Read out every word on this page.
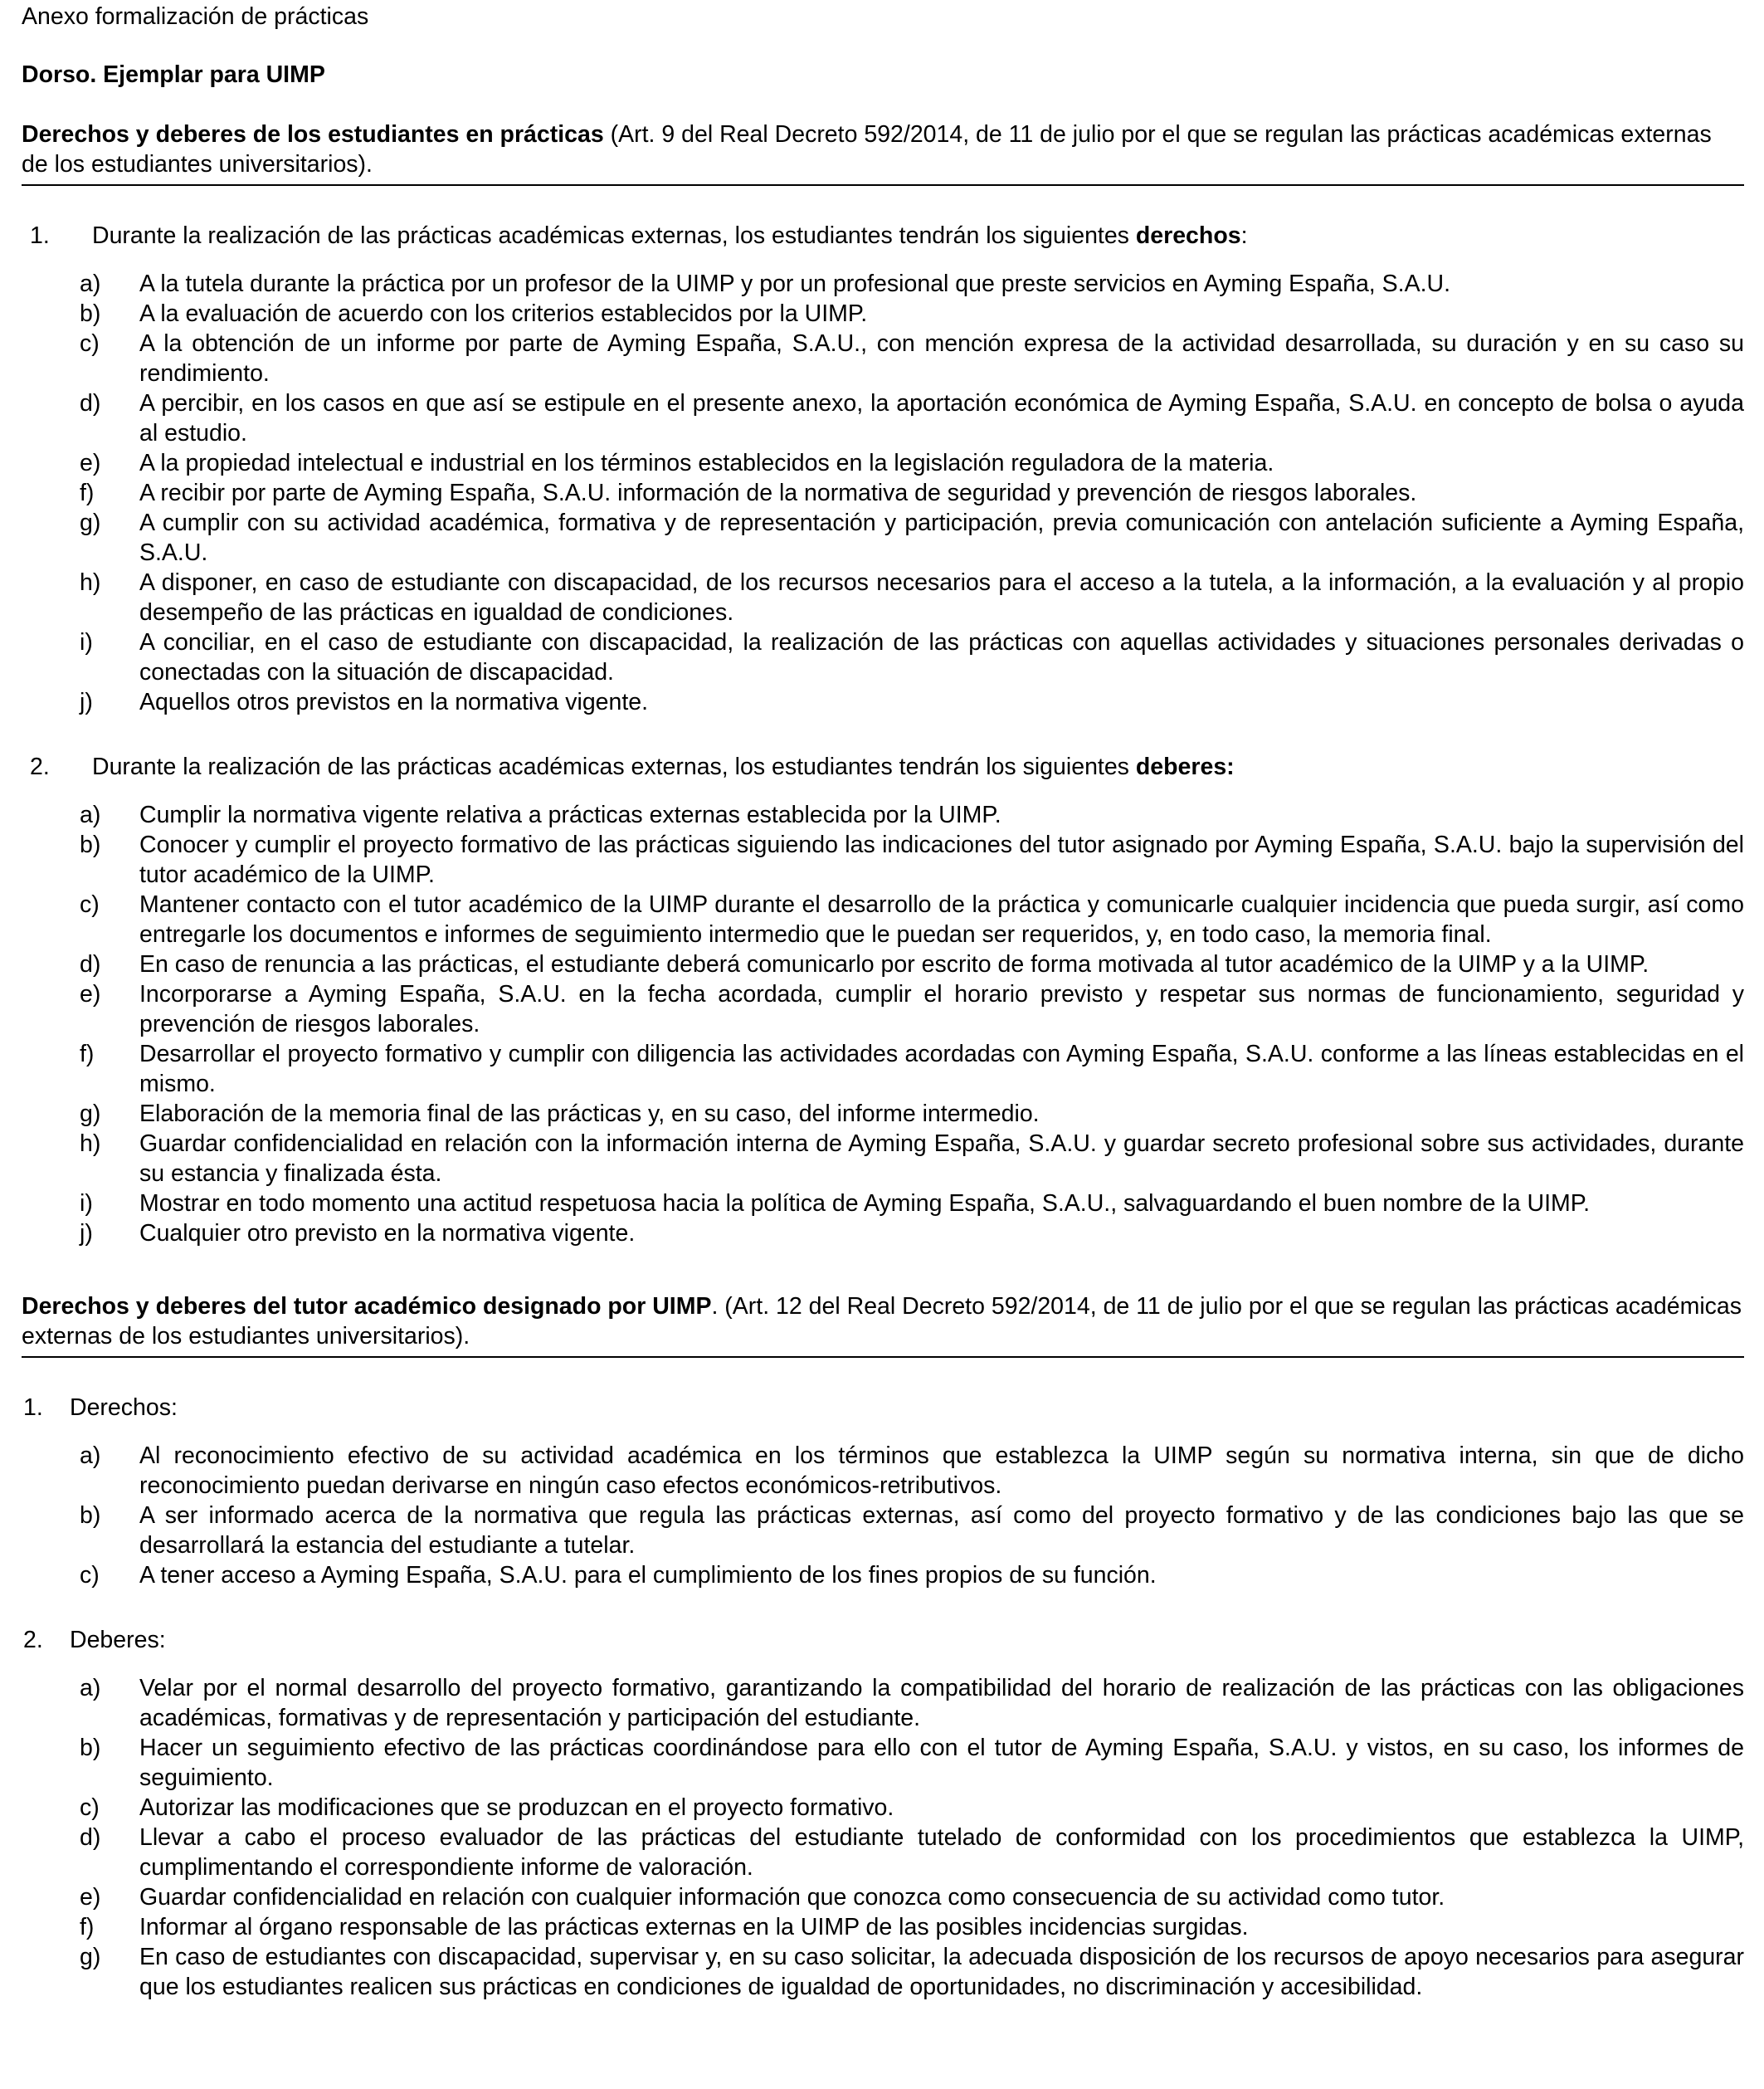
Anexo formalización de prácticas
Dorso. Ejemplar para UIMP
Derechos y deberes de los estudiantes en prácticas (Art. 9 del Real Decreto 592/2014, de 11 de julio por el que se regulan las prácticas académicas externas de los estudiantes universitarios).
1. Durante la realización de las prácticas académicas externas, los estudiantes tendrán los siguientes derechos:
a) A la tutela durante la práctica por un profesor de la UIMP y por un profesional que preste servicios en Ayming España, S.A.U.
b) A la evaluación de acuerdo con los criterios establecidos por la UIMP.
c) A la obtención de un informe por parte de Ayming España, S.A.U., con mención expresa de la actividad desarrollada, su duración y en su caso su rendimiento.
d) A percibir, en los casos en que así se estipule en el presente anexo, la aportación económica de Ayming España, S.A.U. en concepto de bolsa o ayuda al estudio.
e) A la propiedad intelectual e industrial en los términos establecidos en la legislación reguladora de la materia.
f) A recibir por parte de Ayming España, S.A.U. información de la normativa de seguridad y prevención de riesgos laborales.
g) A cumplir con su actividad académica, formativa y de representación y participación, previa comunicación con antelación suficiente a Ayming España, S.A.U.
h) A disponer, en caso de estudiante con discapacidad, de los recursos necesarios para el acceso a la tutela, a la información, a la evaluación y al propio desempeño de las prácticas en igualdad de condiciones.
i) A conciliar, en el caso de estudiante con discapacidad, la realización de las prácticas con aquellas actividades y situaciones personales derivadas o conectadas con la situación de discapacidad.
j) Aquellos otros previstos en la normativa vigente.
2. Durante la realización de las prácticas académicas externas, los estudiantes tendrán los siguientes deberes:
a) Cumplir la normativa vigente relativa a prácticas externas establecida por la UIMP.
b) Conocer y cumplir el proyecto formativo de las prácticas siguiendo las indicaciones del tutor asignado por Ayming España, S.A.U. bajo la supervisión del tutor académico de la UIMP.
c) Mantener contacto con el tutor académico de la UIMP durante el desarrollo de la práctica y comunicarle cualquier incidencia que pueda surgir, así como entregarle los documentos e informes de seguimiento intermedio que le puedan ser requeridos, y, en todo caso, la memoria final.
d) En caso de renuncia a las prácticas, el estudiante deberá comunicarlo por escrito de forma motivada al tutor académico de la UIMP y a la UIMP.
e) Incorporarse a Ayming España, S.A.U. en la fecha acordada, cumplir el horario previsto y respetar sus normas de funcionamiento, seguridad y prevención de riesgos laborales.
f) Desarrollar el proyecto formativo y cumplir con diligencia las actividades acordadas con Ayming España, S.A.U. conforme a las líneas establecidas en el mismo.
g) Elaboración de la memoria final de las prácticas y, en su caso, del informe intermedio.
h) Guardar confidencialidad en relación con la información interna de Ayming España, S.A.U. y guardar secreto profesional sobre sus actividades, durante su estancia y finalizada ésta.
i) Mostrar en todo momento una actitud respetuosa hacia la política de Ayming España, S.A.U., salvaguardando el buen nombre de la UIMP.
j) Cualquier otro previsto en la normativa vigente.
Derechos y deberes del tutor académico designado por UIMP. (Art. 12 del Real Decreto 592/2014, de 11 de julio por el que se regulan las prácticas académicas externas de los estudiantes universitarios).
1. Derechos:
a) Al reconocimiento efectivo de su actividad académica en los términos que establezca la UIMP según su normativa interna, sin que de dicho reconocimiento puedan derivarse en ningún caso efectos económicos-retributivos.
b) A ser informado acerca de la normativa que regula las prácticas externas, así como del proyecto formativo y de las condiciones bajo las que se desarrollará la estancia del estudiante a tutelar.
c) A tener acceso a Ayming España, S.A.U. para el cumplimiento de los fines propios de su función.
2. Deberes:
a) Velar por el normal desarrollo del proyecto formativo, garantizando la compatibilidad del horario de realización de las prácticas con las obligaciones académicas, formativas y de representación y participación del estudiante.
b) Hacer un seguimiento efectivo de las prácticas coordinándose para ello con el tutor de Ayming España, S.A.U. y vistos, en su caso, los informes de seguimiento.
c) Autorizar las modificaciones que se produzcan en el proyecto formativo.
d) Llevar a cabo el proceso evaluador de las prácticas del estudiante tutelado de conformidad con los procedimientos que establezca la UIMP, cumplimentando el correspondiente informe de valoración.
e) Guardar confidencialidad en relación con cualquier información que conozca como consecuencia de su actividad como tutor.
f) Informar al órgano responsable de las prácticas externas en la UIMP de las posibles incidencias surgidas.
g) En caso de estudiantes con discapacidad, supervisar y, en su caso solicitar, la adecuada disposición de los recursos de apoyo necesarios para asegurar que los estudiantes realicen sus prácticas en condiciones de igualdad de oportunidades, no discriminación y accesibilidad.
